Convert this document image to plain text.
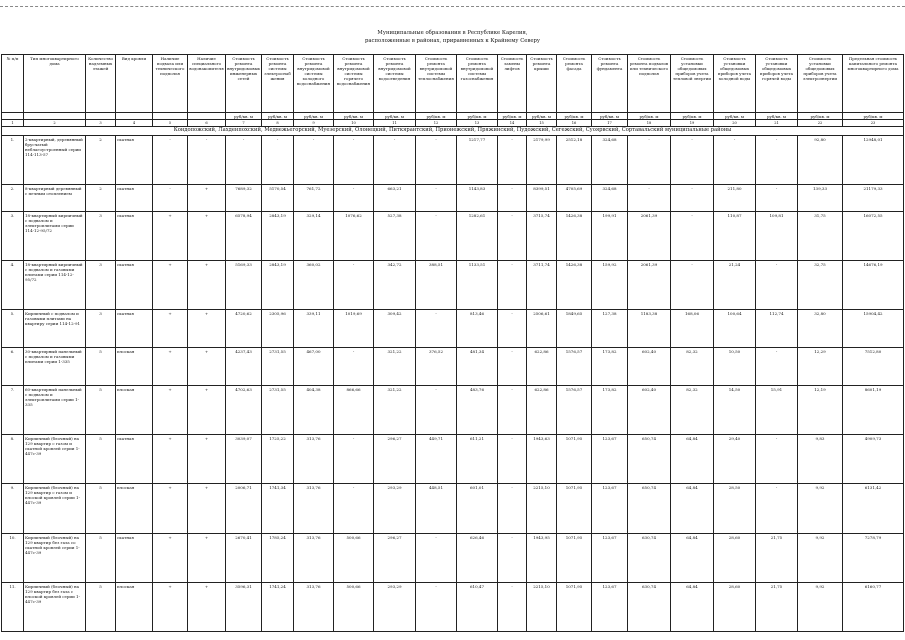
Муниципальные образования в Республике Карелия,
расположенные в районах, приравненных к Крайнему Северу
№ п/п	Тип многоквартирного дома	Количество надземных этажей	Вид кровли	Наличие подвала или технического подполья	Наличие специального водонакопителя	Стоимость ремонта внутридомовых инженерных сетей	Стоимость ремонта системы электроснабжения	Стоимость ремонта внутридомовой системы холодного водоснабжения	Стоимость ремонта внутридомовой системы горячего водоснабжения	Стоимость ремонта внутридомовой системы водоотведения	Стоимость ремонта внутридомовой системы теплоснабжения	Стоимость ремонта внутридомовой системы газоснабжения	Стоимость замены лифтов	Стоимость ремонта крыши	Стоимость ремонта фасада	Стоимость ремонта фундамента	Стоимость ремонта подвалов или технического подполья	Стоимость установки общедомовых приборов учета тепловой энергии	Стоимость установки общедомовых приборов учета холодной воды	Стоимость установки общедомовых приборов учета горячей воды	Стоимость установки общедомовых приборов учета электроэнергии	Предельная стоимость капитального ремонта многоквартирного дома
						руб/кв. м	руб/кв. м	руб/кв. м	руб/кв. м	руб/кв. м	руб/кв. м	руб/кв. м	руб/кв. м	руб/кв. м	руб/кв. м	руб/кв. м	руб/кв. м	руб/кв. м	руб/кв. м	руб/кв. м	руб/кв. м	руб/кв. м
1	2	3	4	5	6	7	8	9	10	11	12	13	14	15	16	17	18	19	20	21	22	23
Кондопожский, Лахденпохский, Медвежьегорский, Муезерский, Олонецкий, Питкярантский, Прионежский, Пряжинский, Пудожский, Сегежский, Суоярвский, Сортавальский муниципальные районы																						
1.	2-квартирный, деревянный брусчатый неблагоустроенный серии 114-113-57	2	скатная	-	-	-	-	-	-	-	-	1217,77	-	2179,99	2512,18	324,68	-	-	-	-	92,80	12948,01
2.	8-квартирный деревянный с печным отоплением	2	скатная	-	+	7689,32	5170,54	761,72	-	663,21	-	1143,83	-	8399,51	4705,69	324,68	-	-	211,80	-	139,33	21179,33
3.	18-квартирный кирпичный с подвалом и электроплитами серии 114-12-95/72	3	скатная	+	+	6578,94	2843,19	329,14	1076,62	527,38	-	1282,61	-	3715,74	1426,38	199,91	2061,39	-	110,87	109,81	31,75	16072,55
4.	18-квартирный кирпичный с подвалом и газовыми плитами серии 114-12-95/72	3	скатная	+	+	5169,33	2843,19	360,02	-	342,72	388,51	1133,51	-	3711,74	1426,38	159,92	2061,39	-	21,24	-	32,75	14676,19
5.	Кирпичный с подвалом и газовыми плитами на квартиру серии 114-12-91	3	скатная	+	+	4720,62	2305,96	339,11	1019,69	309,42	-	813,46	-	2506,61	1849,65	127,38	1183,38	168,06	100,64	112,74	32,80	15904,42
6.	30-квартирный панельный с подвалом и газовыми плитами серии 1-335	5	плоская	+	+	4237,43	2731,55	467,00	-	321,22	376,52	481,34	-	622,86	1576,57	173,82	602,40	82,32	10,50	-	12,29	7512,80
7.	60-квартирный панельный с подвалом и электроплитами серии 1-335	5	плоская	+	+	4702,63	2731,55	404,38	866,66	321,22	-	483,76	-	622,86	1576,57	173,82	602,40	82,32	14,50	15,91	12,19	8601,19
8.	Кирпичный (блочный) на 129 квартир с газом и скатной кровлей серии 1-447c-39	5	скатная	+	+	3039,07	1725,22	313,76	-	296,27	449,71	611,21	-	1943,63	1071,95	123,67	650,74	64,84	29,40	-	9,83	4909,73
9.	Кирпичный (блочный) на 129 квартир с газом и плоской кровлей серии 1-447c-39	5	плоская	+	+	2006,71	1741,34	313,76	-	293,29	448,51	601,01	-	2215,10	1071,95	123,67	650,74	64,84	28,50	-	9,92	6131,42
10.	Кирпичный (блочный) на 129 квартир без газа со скатной кровлей серии 1-447c-39	5	скатная	+	+	2670,41	1785,24	313,76	500,66	296,27	-	626,46	-	1943,95	1071,95	123,67	630,74	64,84	28,60	21,75	9,92	7278,79
11.	Кирпичный (блочный) на 129 квартир без газа с плоской кровлей серии 1-447c-39	5	плоская	+	+	3596,31	1741,24	313,76	500,66	293,29	-	610,47	-	2215,10	1071,95	123,67	630,74	64,84	28,60	21,75	9,92	6160,77
